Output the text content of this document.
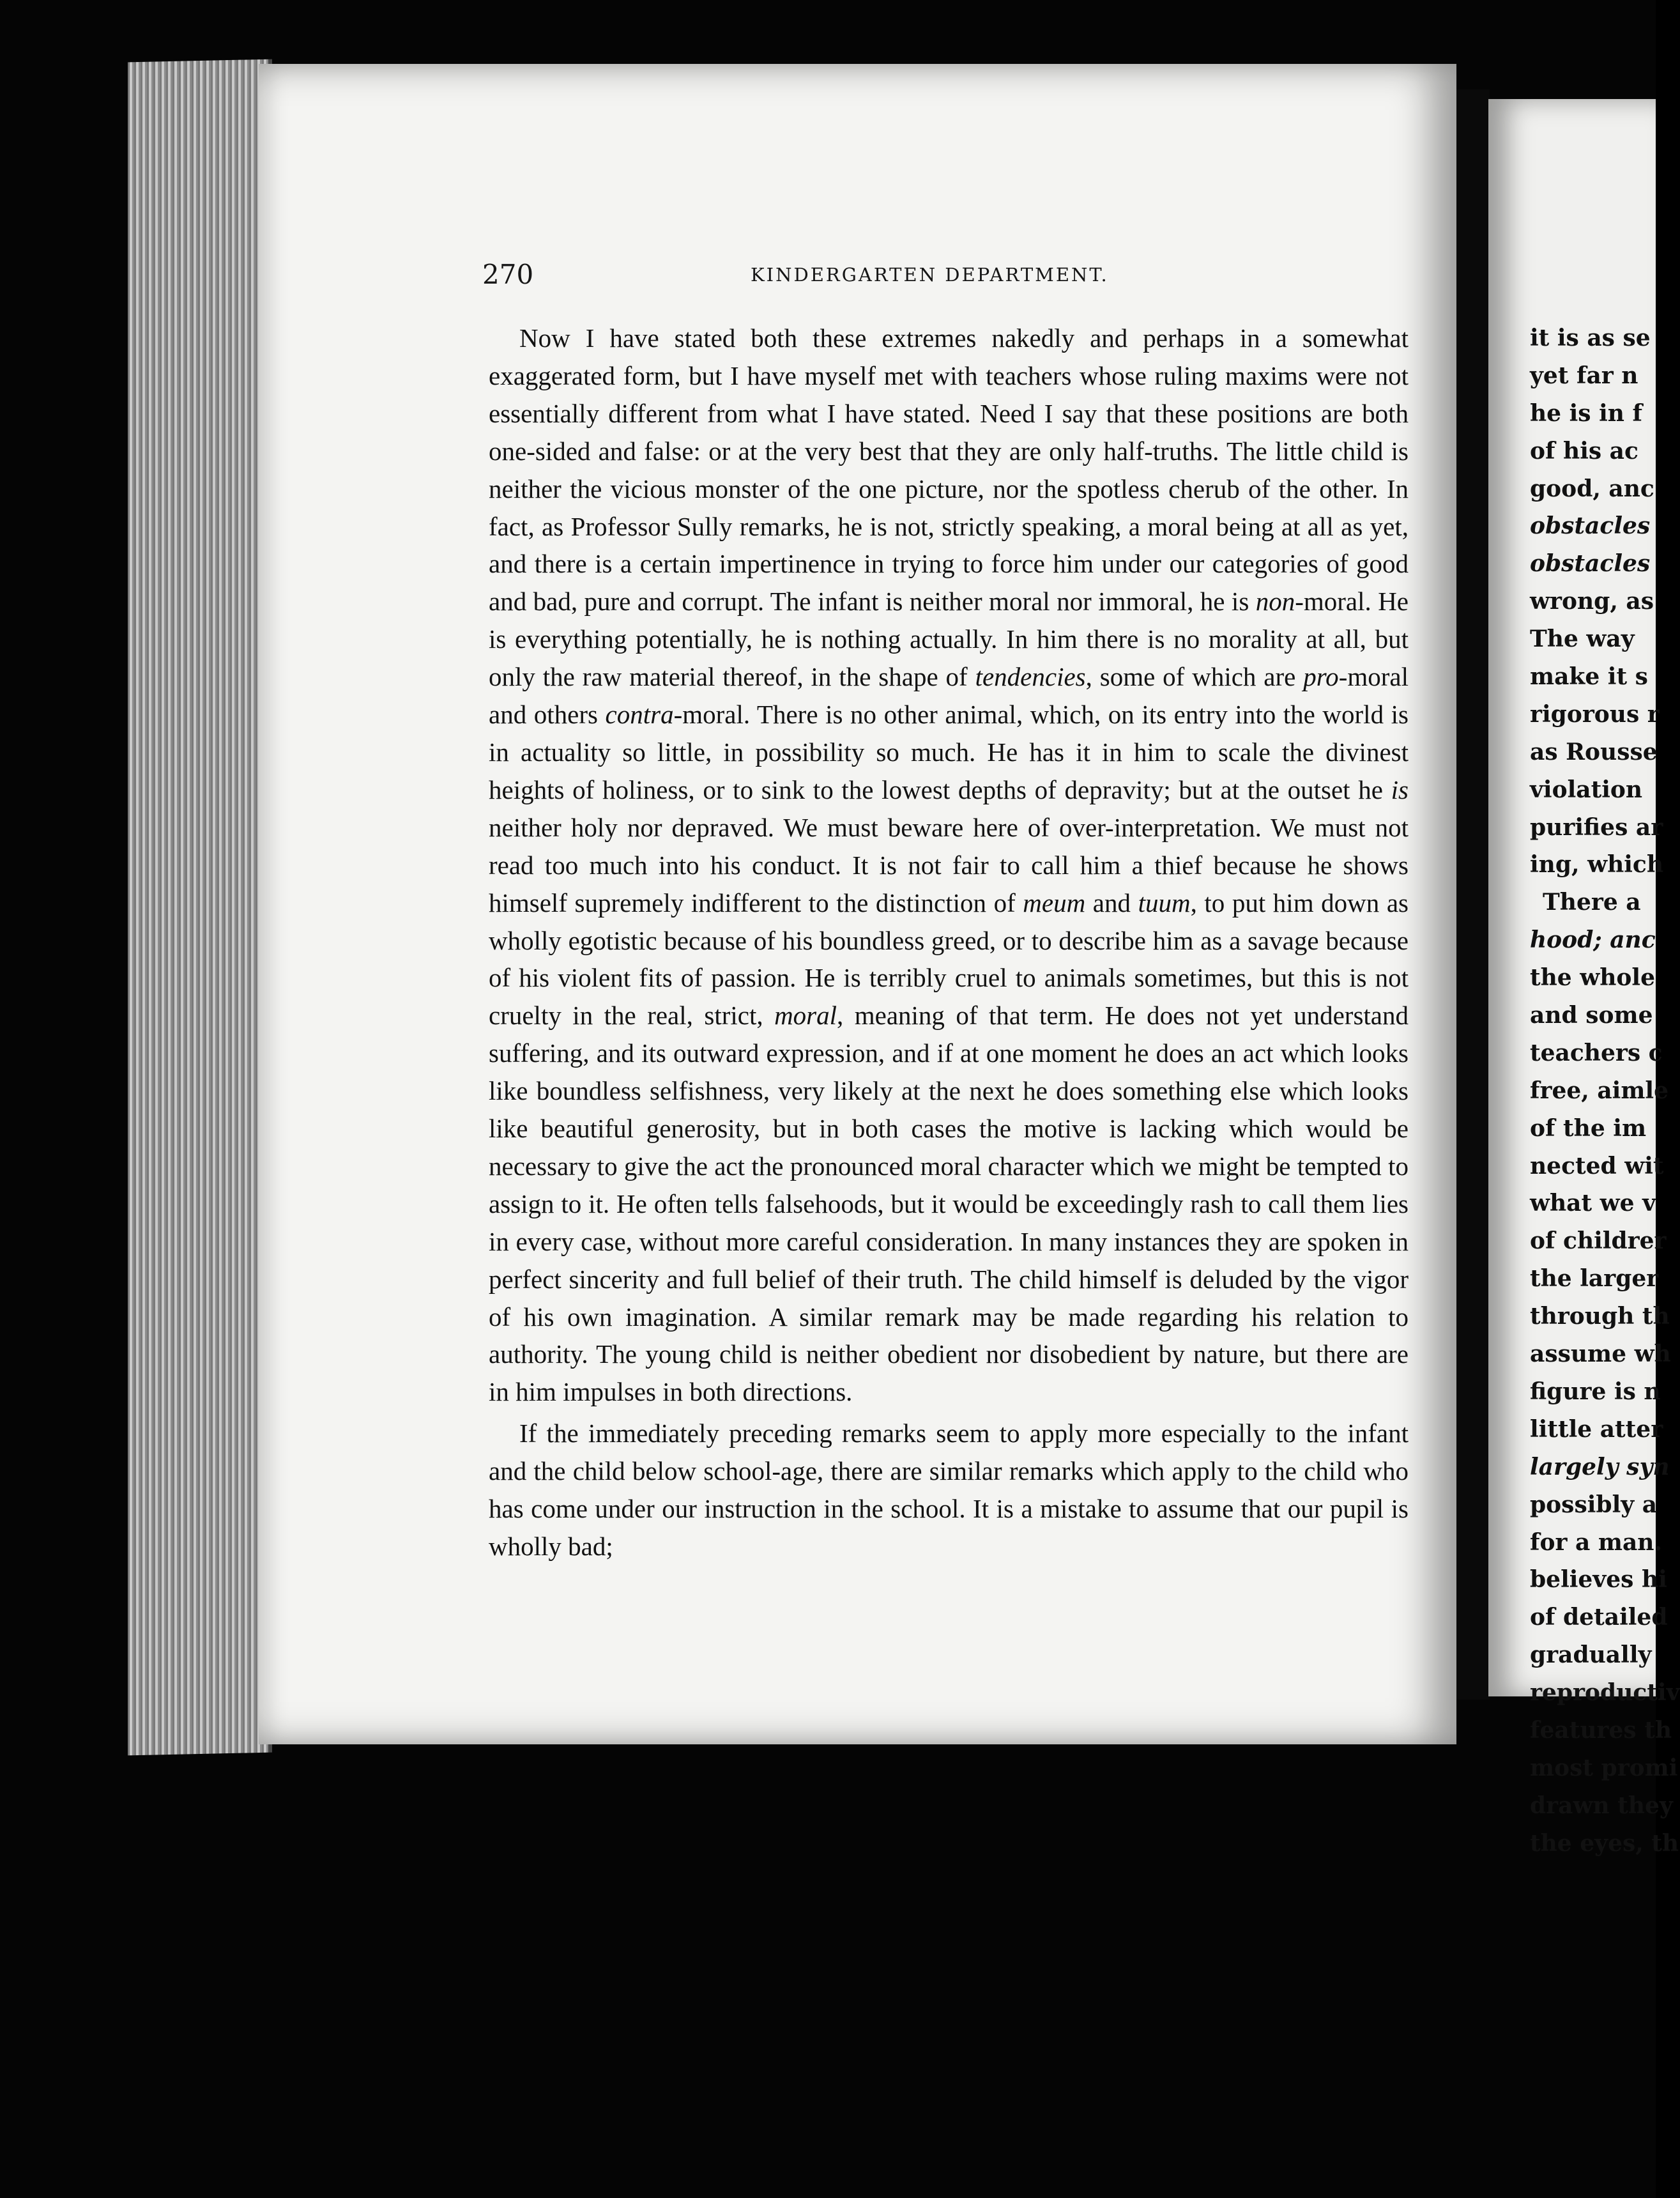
270	KINDERGARTEN DEPARTMENT.

Now I have stated both these extremes nakedly and perhaps in a somewhat exaggerated form, but I have myself met with teachers whose ruling maxims were not essentially different from what I have stated. Need I say that these positions are both one-sided and false: or at the very best that they are only half-truths. The little child is neither the vicious monster of the one picture, nor the spotless cherub of the other. In fact, as Professor Sully remarks, he is not, strictly speaking, a moral being at all as yet, and there is a certain impertinence in trying to force him under our categories of good and bad, pure and corrupt. The infant is neither moral nor immoral, he is non-moral. He is everything potentially, he is nothing actually. In him there is no morality at all, but only the raw material thereof, in the shape of tendencies, some of which are pro-moral and others contra-moral. There is no other animal, which, on its entry into the world is in actuality so little, in possibility so much. He has it in him to scale the divinest heights of holiness, or to sink to the lowest depths of depravity; but at the outset he is neither holy nor depraved. We must beware here of over-interpretation. We must not read too much into his conduct. It is not fair to call him a thief because he shows himself supremely indifferent to the distinction of meum and tuum, to put him down as wholly egotistic because of his boundless greed, or to describe him as a savage because of his violent fits of passion. He is terribly cruel to animals sometimes, but this is not cruelty in the real, strict, moral, meaning of that term. He does not yet understand suffering, and its outward expression, and if at one moment he does an act which looks like boundless selfishness, very likely at the next he does something else which looks like beautiful generosity, but in both cases the motive is lacking which would be necessary to give the act the pronounced moral character which we might be tempted to assign to it. He often tells falsehoods, but it would be exceedingly rash to call them lies in every case, without more careful consideration. In many instances they are spoken in perfect sincerity and full belief of their truth. The child himself is deluded by the vigor of his own imagination. A similar remark may be made regarding his relation to authority. The young child is neither obedient nor disobedient by nature, but there are in him impulses in both directions.

If the immediately preceding remarks seem to apply more especially to the infant and the child below school-age, there are similar remarks which apply to the child who has come under our instruction in the school. It is a mistake to assume that our pupil is wholly bad;

it is as se
yet far n
he is in f
of his ac
good, anc
obstacles
obstacles
wrong, as
The way
make it s
rigorous r
as Rousse
violation
purifies ar
ing, which
There a
hood; anc
the whole
and some
teachers c
free, aimle
of the im
nected wit
what we v
of childrer
the larger
through th
assume wh
figure is n
little atter
largely syn
possibly a
for a man.
believes hi
of detailed
gradually
reproductiv
features th
most promi
drawn they
the eyes, th
